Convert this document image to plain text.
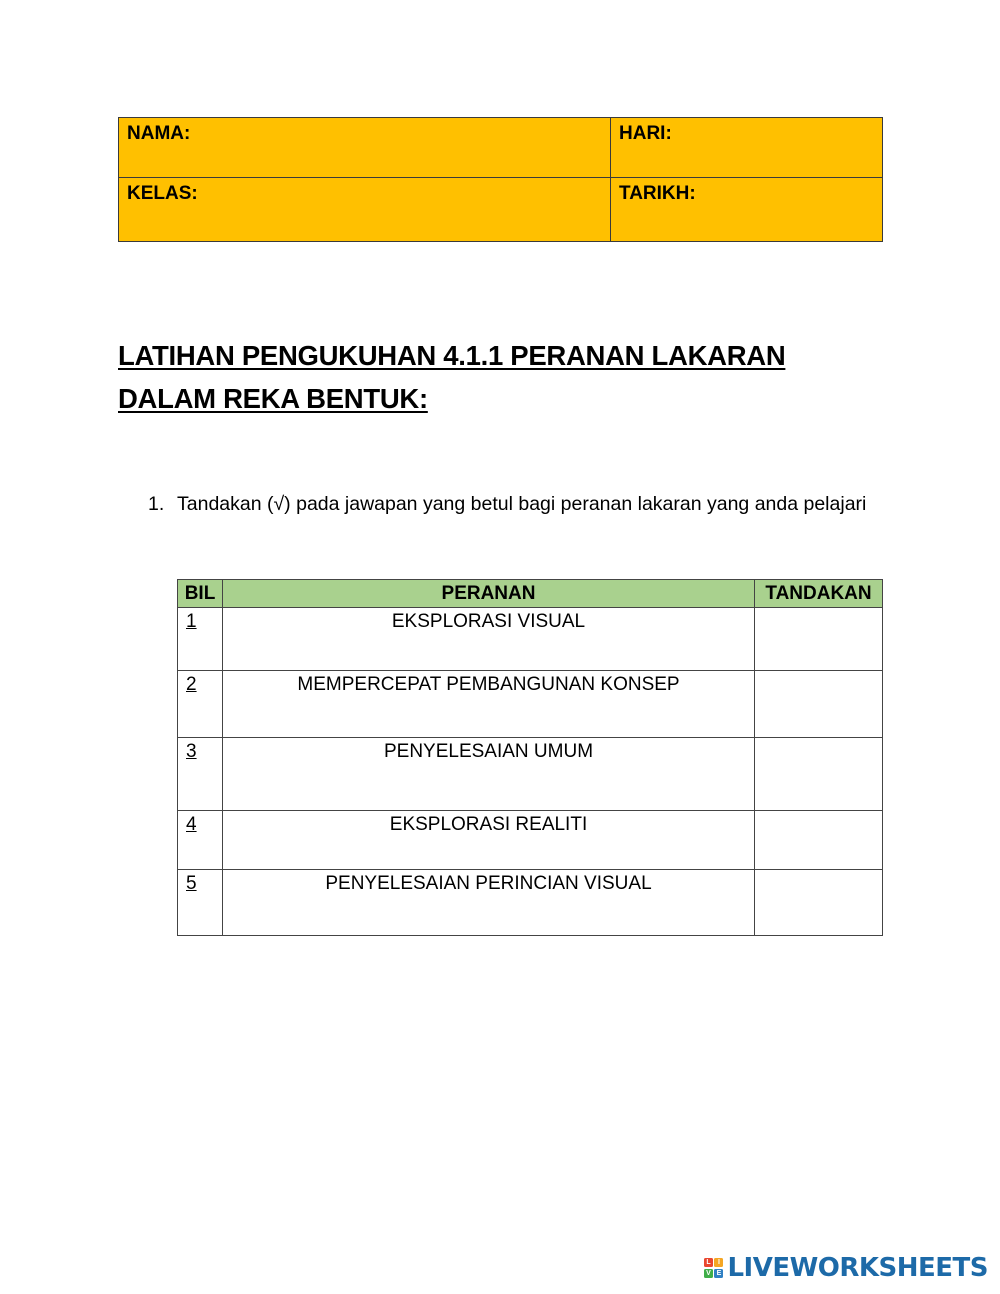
NAMA:	HARI:
KELAS:	TARIKH:
LATIHAN PENGUKUHAN 4.1.1 PERANAN LAKARAN DALAM REKA BENTUK:
1. Tandakan (√) pada jawapan yang betul bagi peranan lakaran yang anda pelajari
BIL	PERANAN	TANDAKAN
1	EKSPLORASI VISUAL	
2	MEMPERCEPAT PEMBANGUNAN KONSEP	
3	PENYELESAIAN UMUM	
4	EKSPLORASI REALITI	
5	PENYELESAIAN PERINCIAN VISUAL	
L	I
V E LIVEWORKSHEETS
